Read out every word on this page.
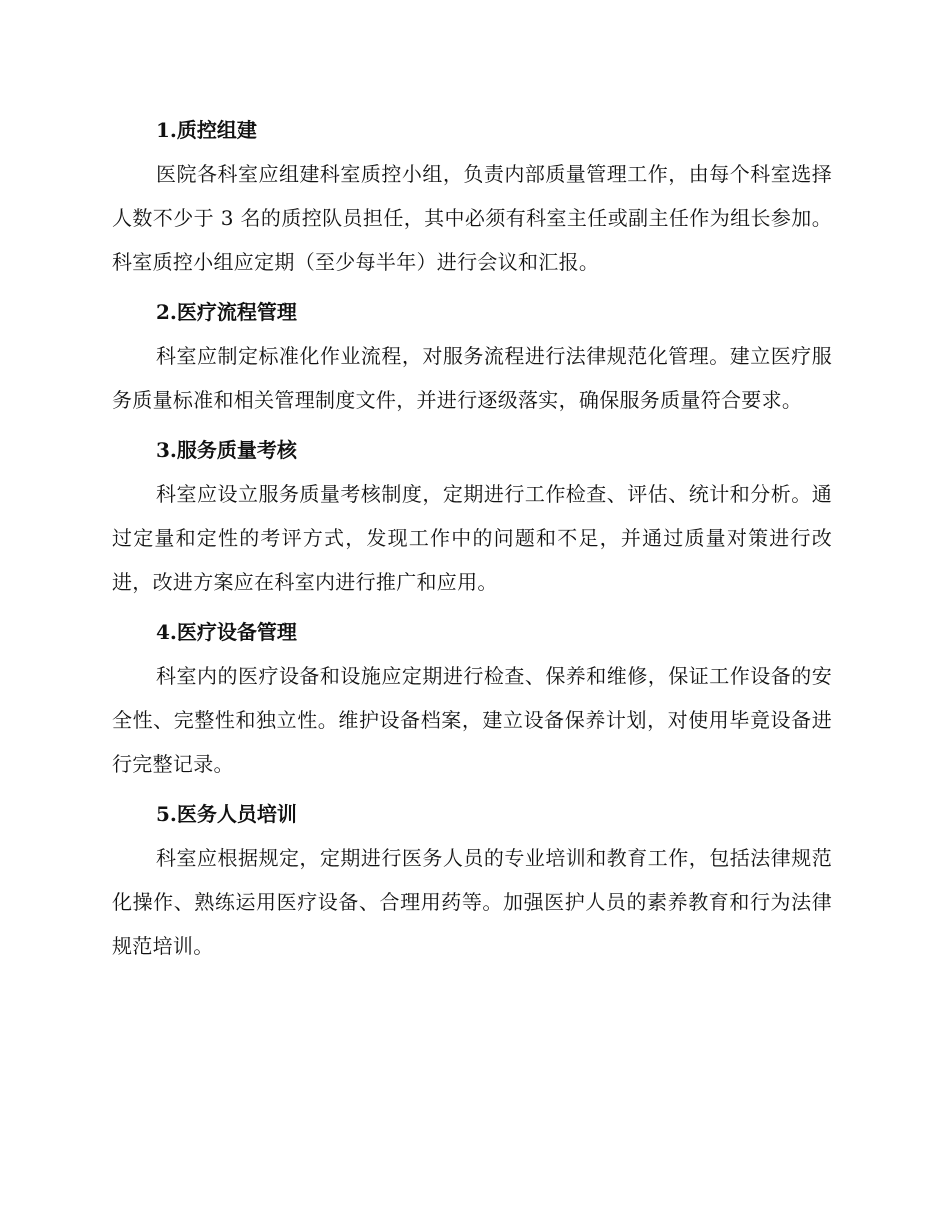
1.质控组建

医院各科室应组建科室质控小组，负责内部质量管理工作，由每个科室选择人数不少于 3 名的质控队员担任，其中必须有科室主任或副主任作为组长参加。科室质控小组应定期（至少每半年）进行会议和汇报。

2.医疗流程管理

科室应制定标准化作业流程，对服务流程进行法律规范化管理。建立医疗服务质量标准和相关管理制度文件，并进行逐级落实，确保服务质量符合要求。

3.服务质量考核

科室应设立服务质量考核制度，定期进行工作检查、评估、统计和分析。通过定量和定性的考评方式，发现工作中的问题和不足，并通过质量对策进行改进，改进方案应在科室内进行推广和应用。

4.医疗设备管理

科室内的医疗设备和设施应定期进行检查、保养和维修，保证工作设备的安全性、完整性和独立性。维护设备档案，建立设备保养计划，对使用毕竟设备进行完整记录。

5.医务人员培训

科室应根据规定，定期进行医务人员的专业培训和教育工作，包括法律规范化操作、熟练运用医疗设备、合理用药等。加强医护人员的素养教育和行为法律规范培训。
